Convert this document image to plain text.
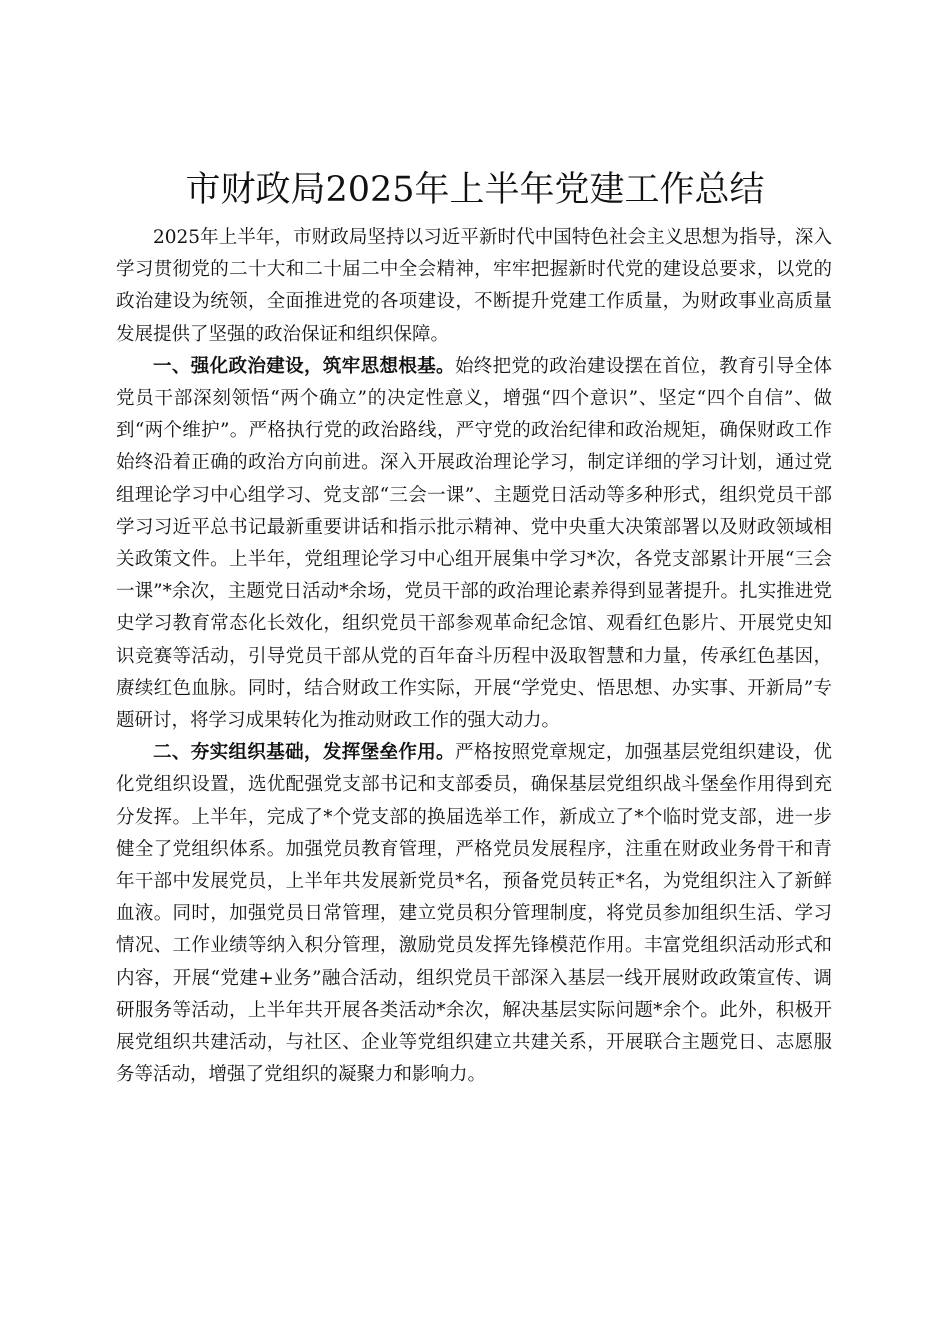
市财政局2025年上半年党建工作总结

2025年上半年，市财政局坚持以习近平新时代中国特色社会主义思想为指导，深入学习贯彻党的二十大和二十届二中全会精神，牢牢把握新时代党的建设总要求，以党的政治建设为统领，全面推进党的各项建设，不断提升党建工作质量，为财政事业高质量发展提供了坚强的政治保证和组织保障。

一、强化政治建设，筑牢思想根基。始终把党的政治建设摆在首位，教育引导全体党员干部深刻领悟“两个确立”的决定性意义，增强“四个意识”、坚定“四个自信”、做到“两个维护”。严格执行党的政治路线，严守党的政治纪律和政治规矩，确保财政工作始终沿着正确的政治方向前进。深入开展政治理论学习，制定详细的学习计划，通过党组理论学习中心组学习、党支部“三会一课”、主题党日活动等多种形式，组织党员干部学习习近平总书记最新重要讲话和指示批示精神、党中央重大决策部署以及财政领域相关政策文件。上半年，党组理论学习中心组开展集中学习*次，各党支部累计开展“三会一课”*余次，主题党日活动*余场，党员干部的政治理论素养得到显著提升。扎实推进党史学习教育常态化长效化，组织党员干部参观革命纪念馆、观看红色影片、开展党史知识竞赛等活动，引导党员干部从党的百年奋斗历程中汲取智慧和力量，传承红色基因，赓续红色血脉。同时，结合财政工作实际，开展“学党史、悟思想、办实事、开新局”专题研讨，将学习成果转化为推动财政工作的强大动力。

二、夯实组织基础，发挥堡垒作用。严格按照党章规定，加强基层党组织建设，优化党组织设置，选优配强党支部书记和支部委员，确保基层党组织战斗堡垒作用得到充分发挥。上半年，完成了*个党支部的换届选举工作，新成立了*个临时党支部，进一步健全了党组织体系。加强党员教育管理，严格党员发展程序，注重在财政业务骨干和青年干部中发展党员，上半年共发展新党员*名，预备党员转正*名，为党组织注入了新鲜血液。同时，加强党员日常管理，建立党员积分管理制度，将党员参加组织生活、学习情况、工作业绩等纳入积分管理，激励党员发挥先锋模范作用。丰富党组织活动形式和内容，开展“党建+业务”融合活动，组织党员干部深入基层一线开展财政政策宣传、调研服务等活动，上半年共开展各类活动*余次，解决基层实际问题*余个。此外，积极开展党组织共建活动，与社区、企业等党组织建立共建关系，开展联合主题党日、志愿服务等活动，增强了党组织的凝聚力和影响力。
